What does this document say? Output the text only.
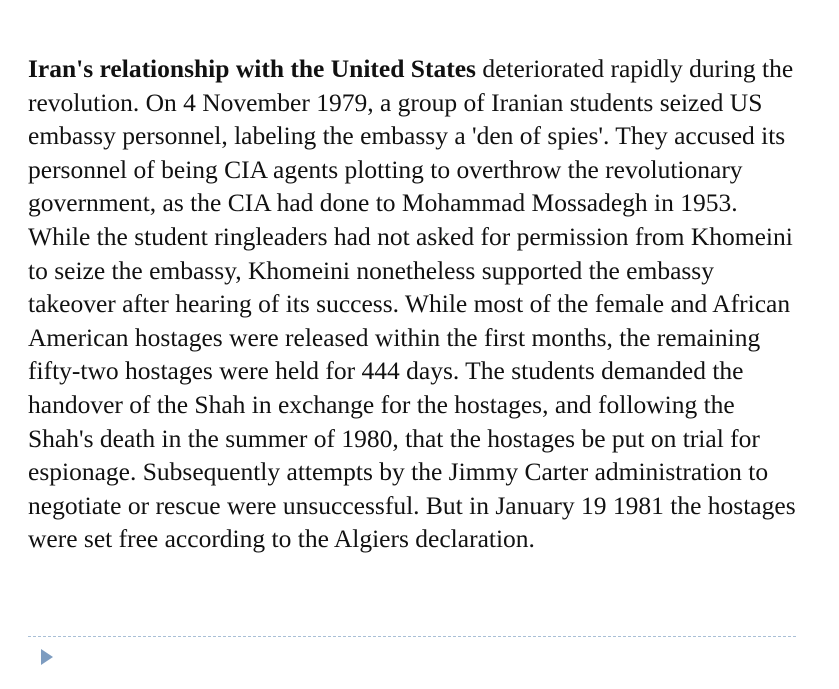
Iran's relationship with the United States deteriorated rapidly during the revolution. On 4 November 1979, a group of Iranian students seized US embassy personnel, labeling the embassy a 'den of spies'. They accused its personnel of being CIA agents plotting to overthrow the revolutionary government, as the CIA had done to Mohammad Mossadegh in 1953. While the student ringleaders had not asked for permission from Khomeini to seize the embassy, Khomeini nonetheless supported the embassy takeover after hearing of its success. While most of the female and African American hostages were released within the first months, the remaining fifty-two hostages were held for 444 days. The students demanded the handover of the Shah in exchange for the hostages, and following the Shah's death in the summer of 1980, that the hostages be put on trial for espionage. Subsequently attempts by the Jimmy Carter administration to negotiate or rescue were unsuccessful. But in January 19 1981 the hostages were set free according to the Algiers declaration.
